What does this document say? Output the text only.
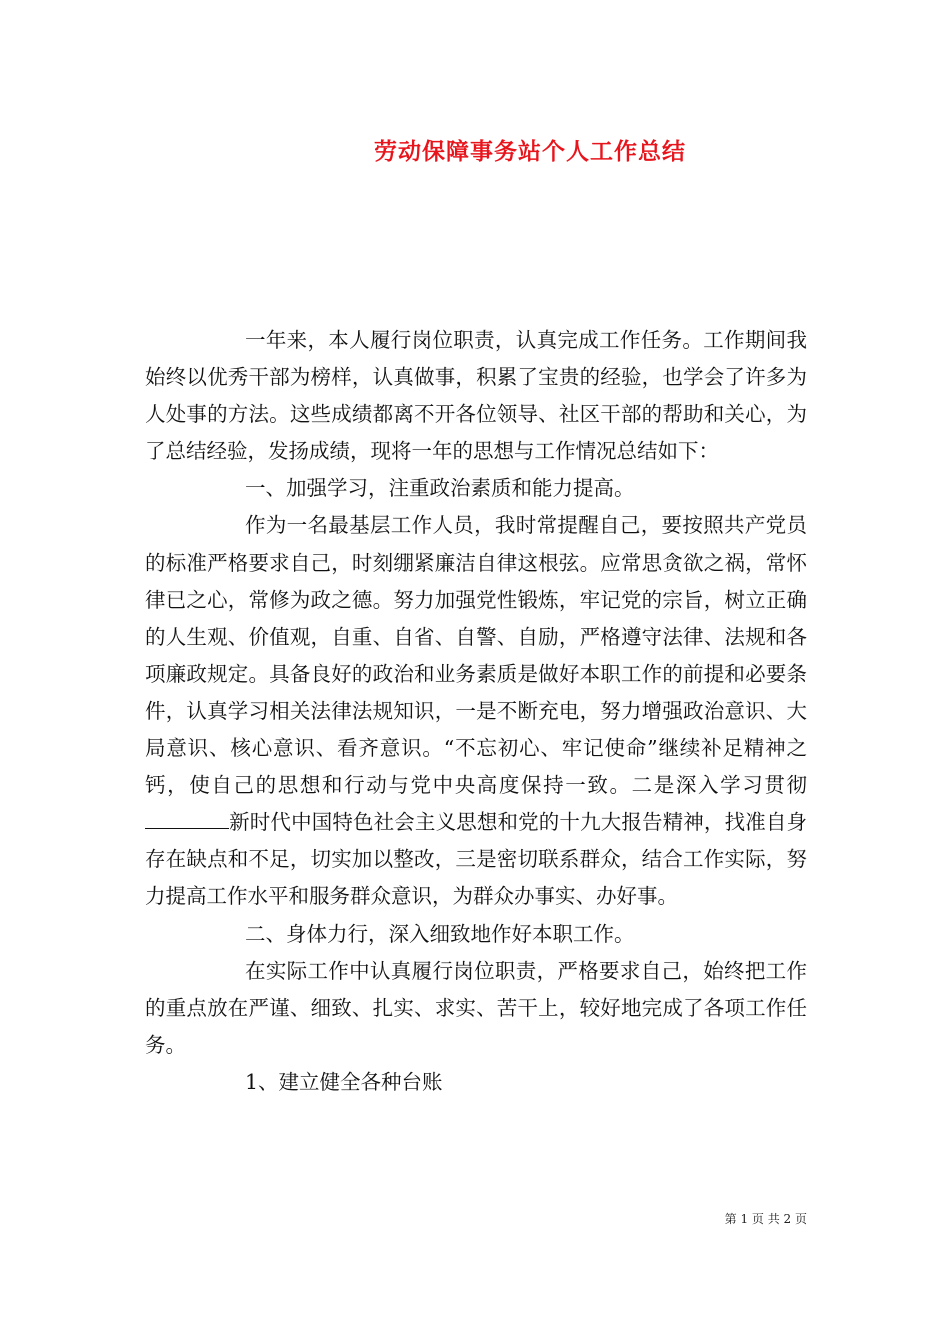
劳动保障事务站个人工作总结

一年来，本人履行岗位职责，认真完成工作任务。工作期间我始终以优秀干部为榜样，认真做事，积累了宝贵的经验，也学会了许多为人处事的方法。这些成绩都离不开各位领导、社区干部的帮助和关心，为了总结经验，发扬成绩，现将一年的思想与工作情况总结如下：

一、加强学习，注重政治素质和能力提高。

作为一名最基层工作人员，我时常提醒自己，要按照共产党员的标准严格要求自己，时刻绷紧廉洁自律这根弦。应常思贪欲之祸，常怀律已之心，常修为政之德。努力加强党性锻炼，牢记党的宗旨，树立正确的人生观、价值观，自重、自省、自警、自励，严格遵守法律、法规和各项廉政规定。具备良好的政治和业务素质是做好本职工作的前提和必要条件，认真学习相关法律法规知识，一是不断充电，努力增强政治意识、大局意识、核心意识、看齐意识。“不忘初心、牢记使命”继续补足精神之钙，使自己的思想和行动与党中央高度保持一致。二是深入学习贯彻新时代中国特色社会主义思想和党的十九大报告精神，找准自身存在缺点和不足，切实加以整改，三是密切联系群众，结合工作实际，努力提高工作水平和服务群众意识，为群众办事实、办好事。

二、身体力行，深入细致地作好本职工作。

在实际工作中认真履行岗位职责，严格要求自己，始终把工作的重点放在严谨、细致、扎实、求实、苦干上，较好地完成了各项工作任务。

1、建立健全各种台账

第 1 页 共 2 页
